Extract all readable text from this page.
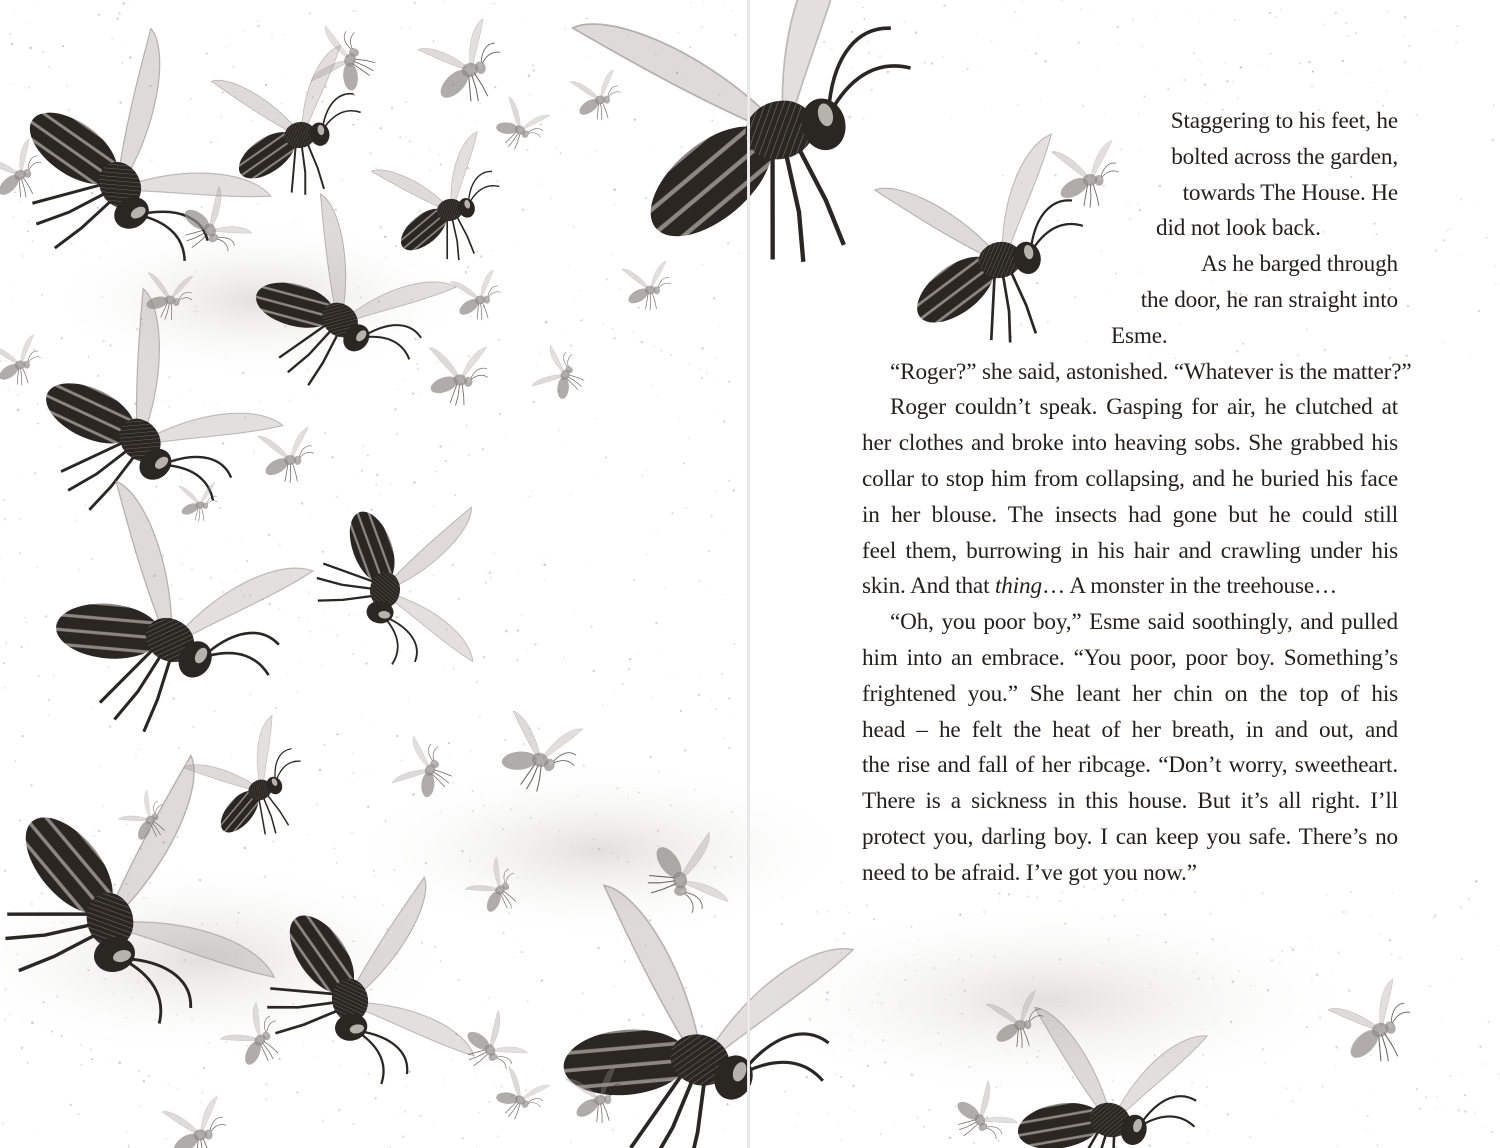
Staggering to his feet, he
bolted across the garden,
towards The House. He
did not look back.

As he barged through
the door, he ran straight into
Esme.

“Roger?” she said, astonished. “Whatever is the matter?”

Roger couldn’t speak. Gasping for air, he clutched at
her clothes and broke into heaving sobs. She grabbed his
collar to stop him from collapsing, and he buried his face
in her blouse. The insects had gone but he could still
feel them, burrowing in his hair and crawling under his
skin. And that thing… A monster in the treehouse…

“Oh, you poor boy,” Esme said soothingly, and pulled
him into an embrace. “You poor, poor boy. Something’s
frightened you.” She leant her chin on the top of his
head – he felt the heat of her breath, in and out, and
the rise and fall of her ribcage. “Don’t worry, sweetheart.
There is a sickness in this house. But it’s all right. I’ll
protect you, darling boy. I can keep you safe. There’s no
need to be afraid. I’ve got you now.”
